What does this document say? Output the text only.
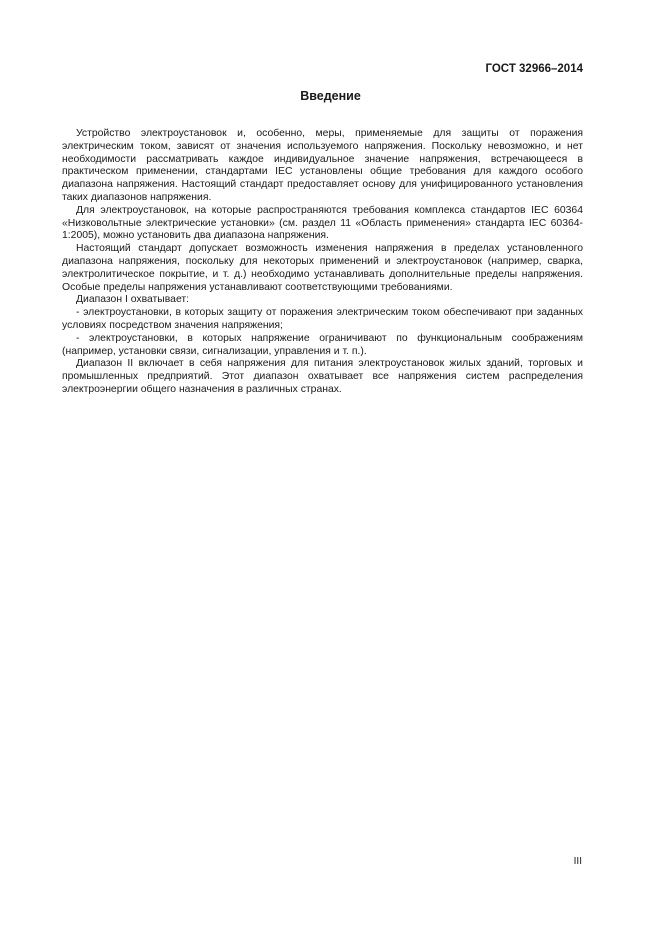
ГОСТ 32966–2014
Введение

Устройство электроустановок и, особенно, меры, применяемые для защиты от поражения электрическим током, зависят от значения используемого напряжения. Поскольку невозможно, и нет необходимости рассматривать каждое индивидуальное значение напряжения, встречающееся в практическом применении, стандартами IEC установлены общие требования для каждого особого диапазона напряжения. Настоящий стандарт предоставляет основу для унифицированного установления таких диапазонов напряжения.

Для электроустановок, на которые распространяются требования комплекса стандартов IEC 60364 «Низковольтные электрические установки» (см. раздел 11 «Область применения» стандарта IEC 60364-1:2005), можно установить два диапазона напряжения.

Настоящий стандарт допускает возможность изменения напряжения в пределах установленного диапазона напряжения, поскольку для некоторых применений и электроустановок (например, сварка, электролитическое покрытие, и т. д.) необходимо устанавливать дополнительные пределы напряжения. Особые пределы напряжения устанавливают соответствующими требованиями.

Диапазон I охватывает:

- электроустановки, в которых защиту от поражения электрическим током обеспечивают при заданных условиях посредством значения напряжения;

- электроустановки, в которых напряжение ограничивают по функциональным соображениям (например, установки связи, сигнализации, управления и т. п.).

Диапазон II включает в себя напряжения для питания электроустановок жилых зданий, торговых и промышленных предприятий. Этот диапазон охватывает все напряжения систем распределения электроэнергии общего назначения в различных странах.

III
